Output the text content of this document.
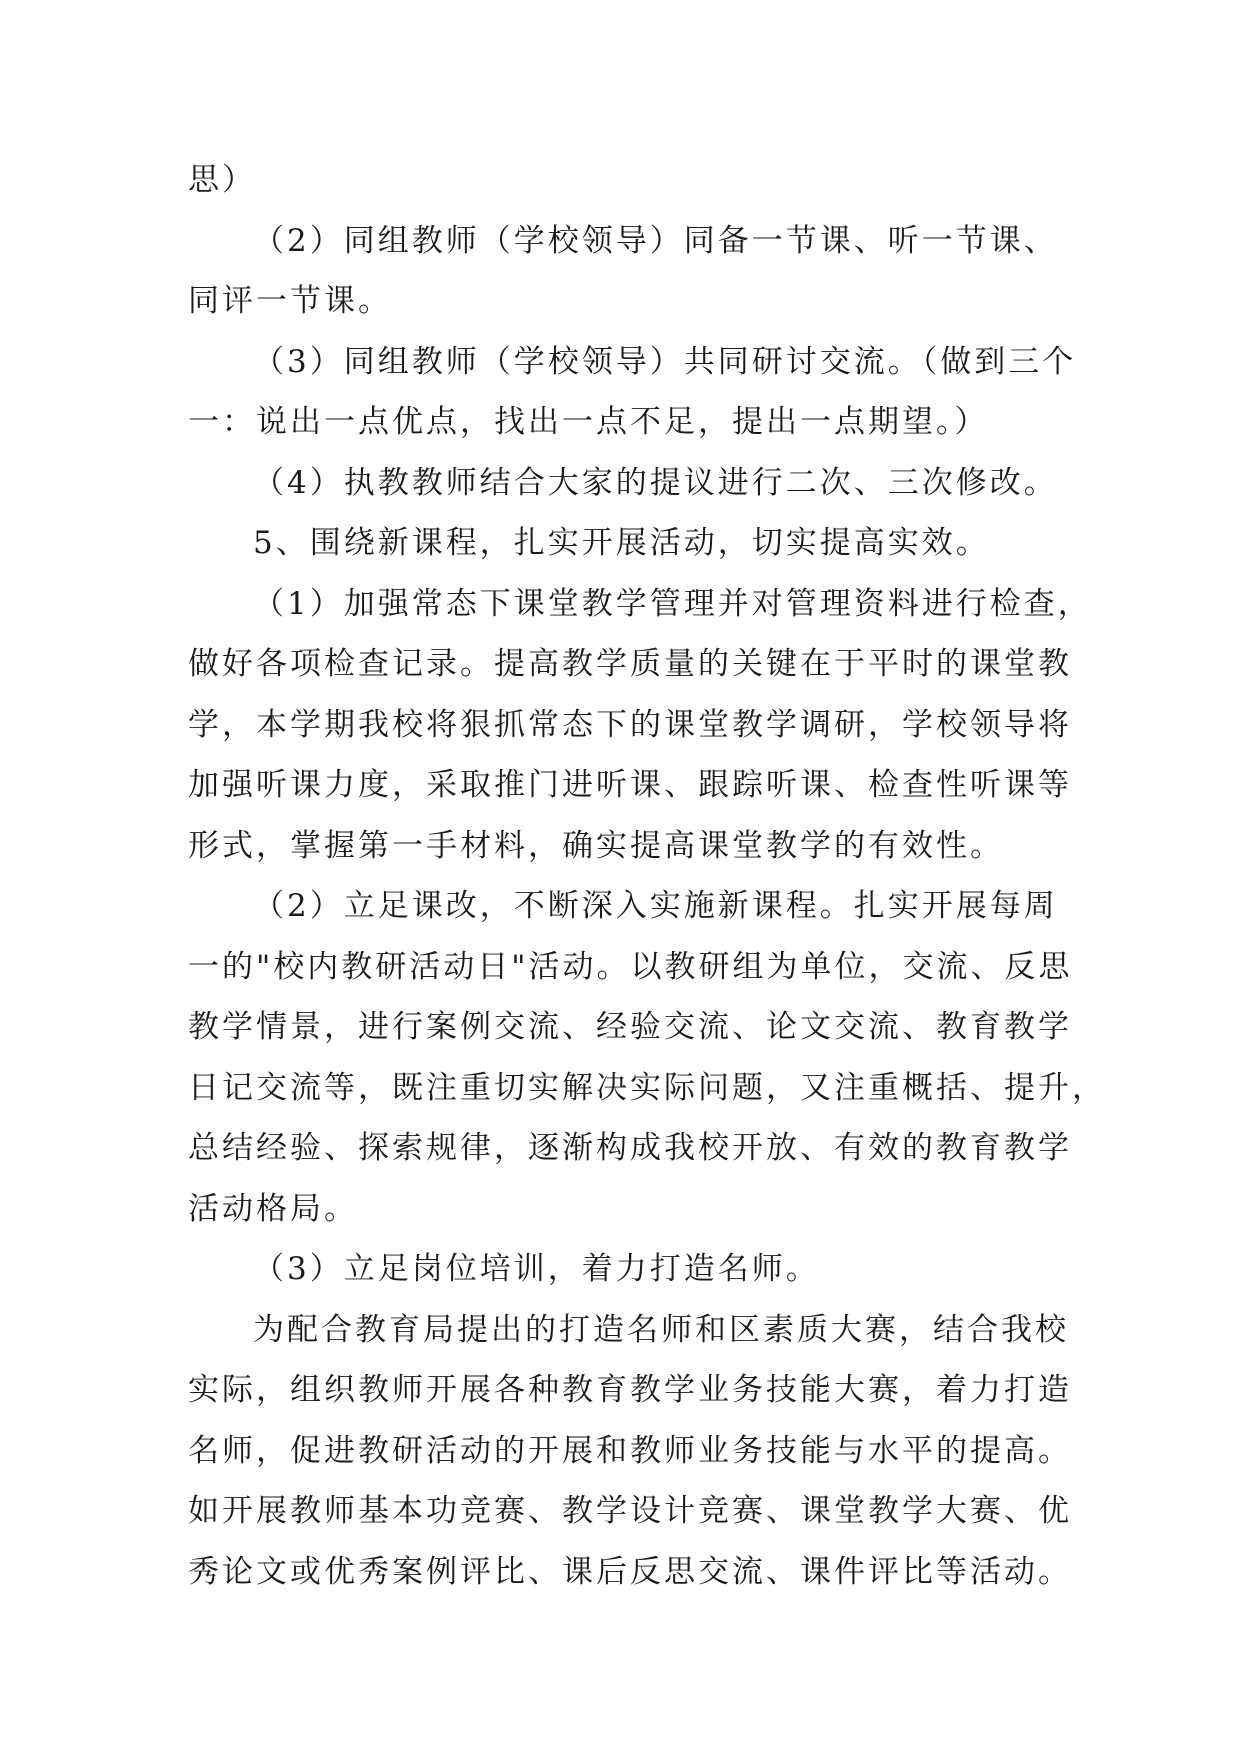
思）
（2）同组教师（学校领导）同备一节课、听一节课、
同评一节课。
（3）同组教师（学校领导）共同研讨交流。（做到三个
一：说出一点优点，找出一点不足，提出一点期望。）
（4）执教教师结合大家的提议进行二次、三次修改。
5、围绕新课程，扎实开展活动，切实提高实效。
（1）加强常态下课堂教学管理并对管理资料进行检查，
做好各项检查记录。提高教学质量的关键在于平时的课堂教
学，本学期我校将狠抓常态下的课堂教学调研，学校领导将
加强听课力度，采取推门进听课、跟踪听课、检查性听课等
形式，掌握第一手材料，确实提高课堂教学的有效性。
（2）立足课改，不断深入实施新课程。扎实开展每周
一的"校内教研活动日"活动。以教研组为单位，交流、反思
教学情景，进行案例交流、经验交流、论文交流、教育教学
日记交流等，既注重切实解决实际问题，又注重概括、提升，
总结经验、探索规律，逐渐构成我校开放、有效的教育教学
活动格局。
（3）立足岗位培训，着力打造名师。
为配合教育局提出的打造名师和区素质大赛，结合我校
实际，组织教师开展各种教育教学业务技能大赛，着力打造
名师，促进教研活动的开展和教师业务技能与水平的提高。
如开展教师基本功竞赛、教学设计竞赛、课堂教学大赛、优
秀论文或优秀案例评比、课后反思交流、课件评比等活动。
